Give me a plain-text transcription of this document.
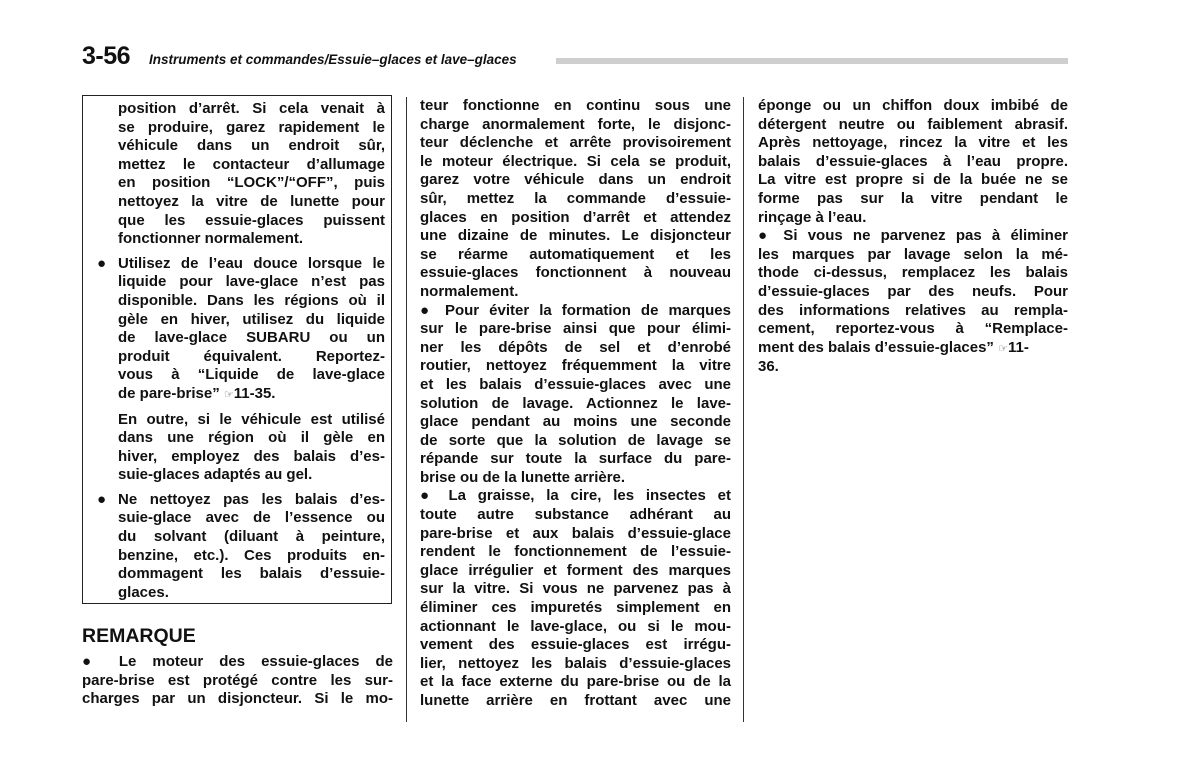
3-56 Instruments et commandes/Essuie–glaces et lave–glaces
position d’arrêt. Si cela venait à
se produire, garez rapidement le
véhicule dans un endroit sûr,
mettez le contacteur d’allumage
en position “LOCK”/“OFF”, puis
nettoyez la vitre de lunette pour
que les essuie-glaces puissent
fonctionner normalement.
● Utilisez de l’eau douce lorsque le
liquide pour lave-glace n’est pas
disponible. Dans les régions où il
gèle en hiver, utilisez du liquide
de lave-glace SUBARU ou un
produit équivalent. Reportez-
vous à “Liquide de lave-glace
de pare-brise” ☞11-35.
En outre, si le véhicule est utilisé
dans une région où il gèle en
hiver, employez des balais d’es-
suie-glaces adaptés au gel.
● Ne nettoyez pas les balais d’es-
suie-glace avec de l’essence ou
du solvant (diluant à peinture,
benzine, etc.). Ces produits en-
dommagent les balais d’essuie-
glaces.
REMARQUE
● Le moteur des essuie-glaces de
pare-brise est protégé contre les sur-
charges par un disjoncteur. Si le mo-
teur fonctionne en continu sous une
charge anormalement forte, le disjonc-
teur déclenche et arrête provisoirement
le moteur électrique. Si cela se produit,
garez votre véhicule dans un endroit
sûr, mettez la commande d’essuie-
glaces en position d’arrêt et attendez
une dizaine de minutes. Le disjoncteur
se réarme automatiquement et les
essuie-glaces fonctionnent à nouveau
normalement.
● Pour éviter la formation de marques
sur le pare-brise ainsi que pour élimi-
ner les dépôts de sel et d’enrobé
routier, nettoyez fréquemment la vitre
et les balais d’essuie-glaces avec une
solution de lavage. Actionnez le lave-
glace pendant au moins une seconde
de sorte que la solution de lavage se
répande sur toute la surface du pare-
brise ou de la lunette arrière.
● La graisse, la cire, les insectes et
toute autre substance adhérant au
pare-brise et aux balais d’essuie-glace
rendent le fonctionnement de l’essuie-
glace irrégulier et forment des marques
sur la vitre. Si vous ne parvenez pas à
éliminer ces impuretés simplement en
actionnant le lave-glace, ou si le mou-
vement des essuie-glaces est irrégu-
lier, nettoyez les balais d’essuie-glaces
et la face externe du pare-brise ou de la
lunette arrière en frottant avec une
éponge ou un chiffon doux imbibé de
détergent neutre ou faiblement abrasif.
Après nettoyage, rincez la vitre et les
balais d’essuie-glaces à l’eau propre.
La vitre est propre si de la buée ne se
forme pas sur la vitre pendant le
rinçage à l’eau.
● Si vous ne parvenez pas à éliminer
les marques par lavage selon la mé-
thode ci-dessus, remplacez les balais
d’essuie-glaces par des neufs. Pour
des informations relatives au rempla-
cement, reportez-vous à “Remplace-
ment des balais d’essuie-glaces” ☞11-
36.
